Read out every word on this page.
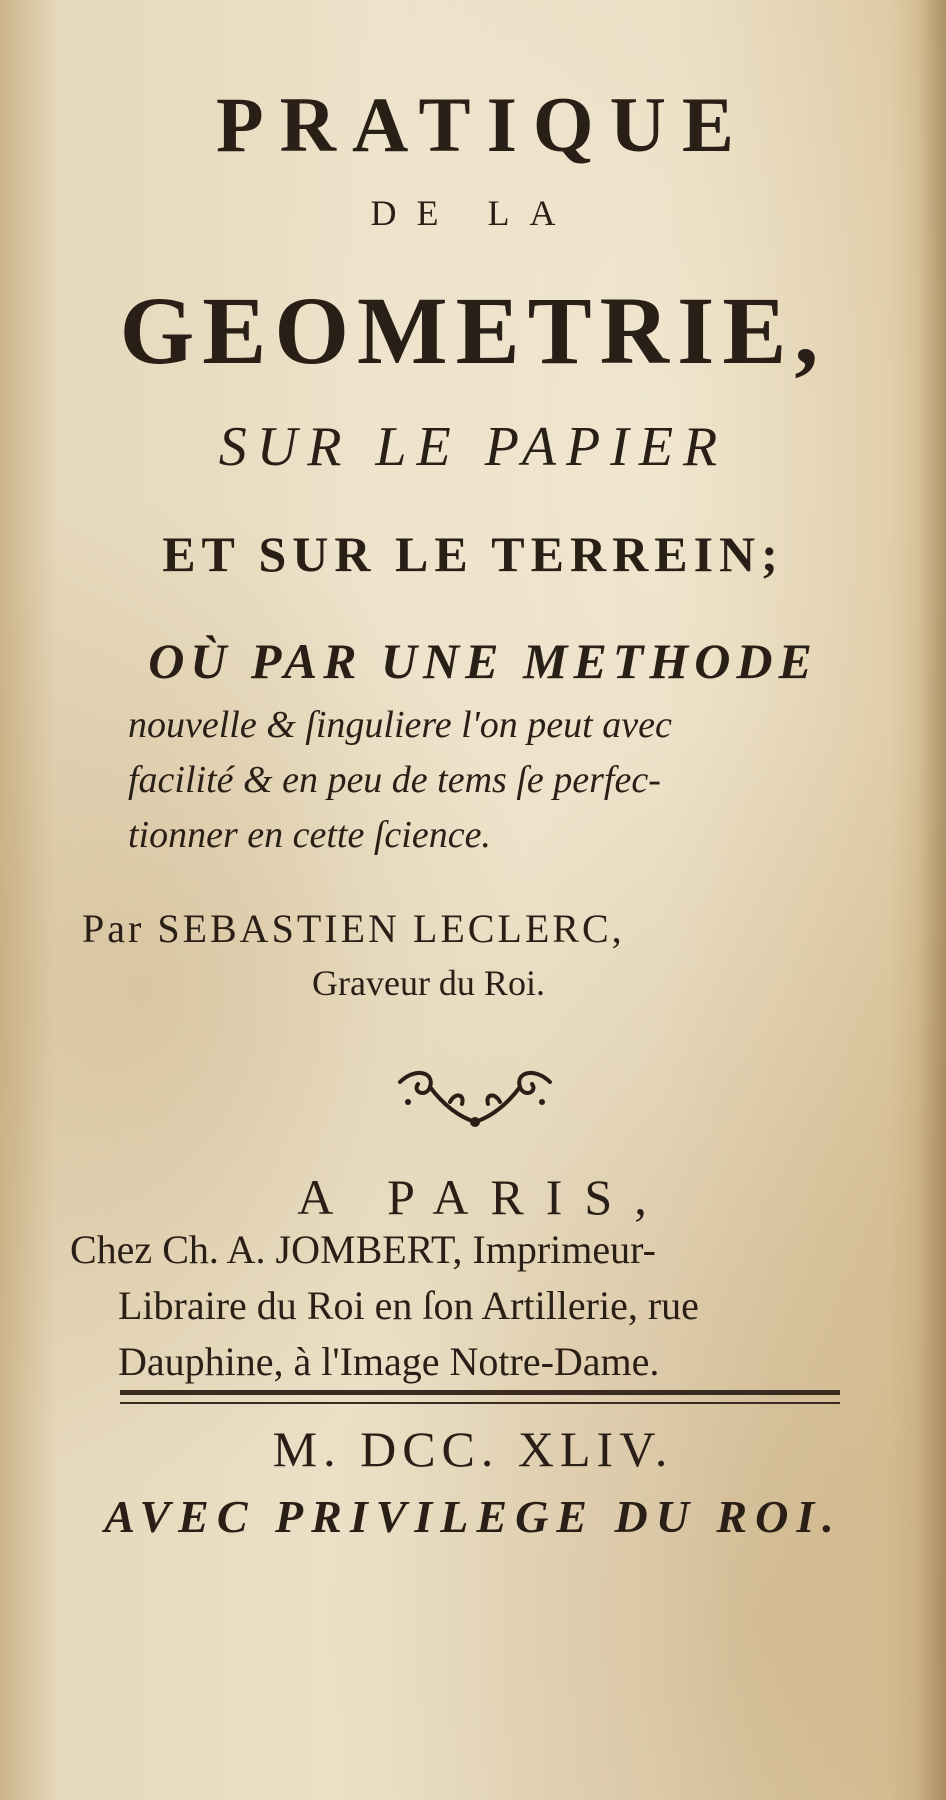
PRATIQUE
DE LA
GEOMETRIE,
SUR LE PAPIER
ET SUR LE TERREIN;
OÙ PAR UNE METHODE
nouvelle & ſinguliere l'on peut avec
facilité & en peu de tems ſe perfec-
tionner en cette ſcience.
Par SEBASTIEN LECLERC,
Graveur du Roi.
A PARIS,
Chez Ch. A. JOMBERT, Imprimeur-
Libraire du Roi en ſon Artillerie, rue
Dauphine, à l'Image Notre-Dame.
M. DCC. XLIV.
AVEC PRIVILEGE DU ROI.
